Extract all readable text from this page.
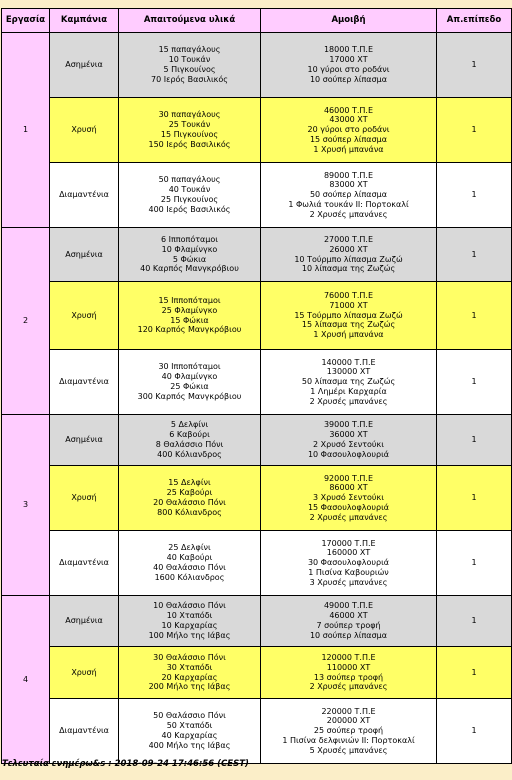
Εργασία	Καμπάνια	Απαιτούμενα υλικά	Αμοιβή	Απ.επίπεδο
1	Ασημένια	15 παπαγάλους
10 Τουκάν
5 Πιγκουίνος
70 Ιερός Βασιλικός	18000 Τ.Π.Ε
17000 ΧΤ
10 γύροι στο ροδάνι
10 σούπερ λίπασμα	1
	Χρυσή	30 παπαγάλους
25 Τουκάν
15 Πιγκουίνος
150 Ιερός Βασιλικός	46000 Τ.Π.Ε
43000 ΧΤ
20 γύροι στο ροδάνι
15 σούπερ λίπασμα
1 Χρυσή μπανάνα	1
	Διαμαντένια	50 παπαγάλους
40 Τουκάν
25 Πιγκουίνος
400 Ιερός Βασιλικός	89000 Τ.Π.Ε
83000 ΧΤ
50 σούπερ λίπασμα
1 Φωλιά τουκάν ΙΙ: Πορτοκαλί
2 Χρυσές μπανάνες	1
2	Ασημένια	6 Ιπποπόταμοι
10 Φλαμίνγκο
5 Φώκια
40 Καρπός Μανγκρόβιου	27000 Τ.Π.Ε
26000 ΧΤ
10 Τούρμπο λίπασμα Ζωζώ
10 λίπασμα της Ζωζώς	1
	Χρυσή	15 Ιπποπόταμοι
25 Φλαμίνγκο
15 Φώκια
120 Καρπός Μανγκρόβιου	76000 Τ.Π.Ε
71000 ΧΤ
15 Τούρμπο λίπασμα Ζωζώ
15 λίπασμα της Ζωζώς
1 Χρυσή μπανάνα	1
	Διαμαντένια	30 Ιπποπόταμοι
40 Φλαμίνγκο
25 Φώκια
300 Καρπός Μανγκρόβιου	140000 Τ.Π.Ε
130000 ΧΤ
50 λίπασμα της Ζωζώς
1 Λημέρι Καρχαρία
2 Χρυσές μπανάνες	1
3	Ασημένια	5 Δελφίνι
6 Καβούρι
8 Θαλάσσιο Πόνι
400 Κόλιανδρος	39000 Τ.Π.Ε
36000 ΧΤ
2 Χρυσό Σεντούκι
10 Φασουλοφλουριά	1
	Χρυσή	15 Δελφίνι
25 Καβούρι
20 Θαλάσσιο Πόνι
800 Κόλιανδρος	92000 Τ.Π.Ε
86000 ΧΤ
3 Χρυσό Σεντούκι
15 Φασουλοφλουριά
2 Χρυσές μπανάνες	1
	Διαμαντένια	25 Δελφίνι
40 Καβούρι
40 Θαλάσσιο Πόνι
1600 Κόλιανδρος	170000 Τ.Π.Ε
160000 ΧΤ
30 Φασουλοφλουριά
1 Πισίνα Καβουριών
3 Χρυσές μπανάνες	1
4	Ασημένια	10 Θαλάσσιο Πόνι
10 Χταπόδι
10 Καρχαρίας
100 Μήλο της Ιάβας	49000 Τ.Π.Ε
46000 ΧΤ
7 σούπερ τροφή
10 σούπερ λίπασμα	1
	Χρυσή	30 Θαλάσσιο Πόνι
30 Χταπόδι
20 Καρχαρίας
200 Μήλο της Ιάβας	120000 Τ.Π.Ε
110000 ΧΤ
13 σούπερ τροφή
2 Χρυσές μπανάνες	1
	Διαμαντένια	50 Θαλάσσιο Πόνι
50 Χταπόδι
40 Καρχαρίας
400 Μήλο της Ιάβας	220000 Τ.Π.Ε
200000 ΧΤ
25 σούπερ τροφή
1 Πισίνα δελφινιών ΙΙ: Πορτοκαλί
5 Χρυσές μπανάνες	1
Τελευταία ενημέρω&s : 2018-09-24 17:46:56 (CEST)
